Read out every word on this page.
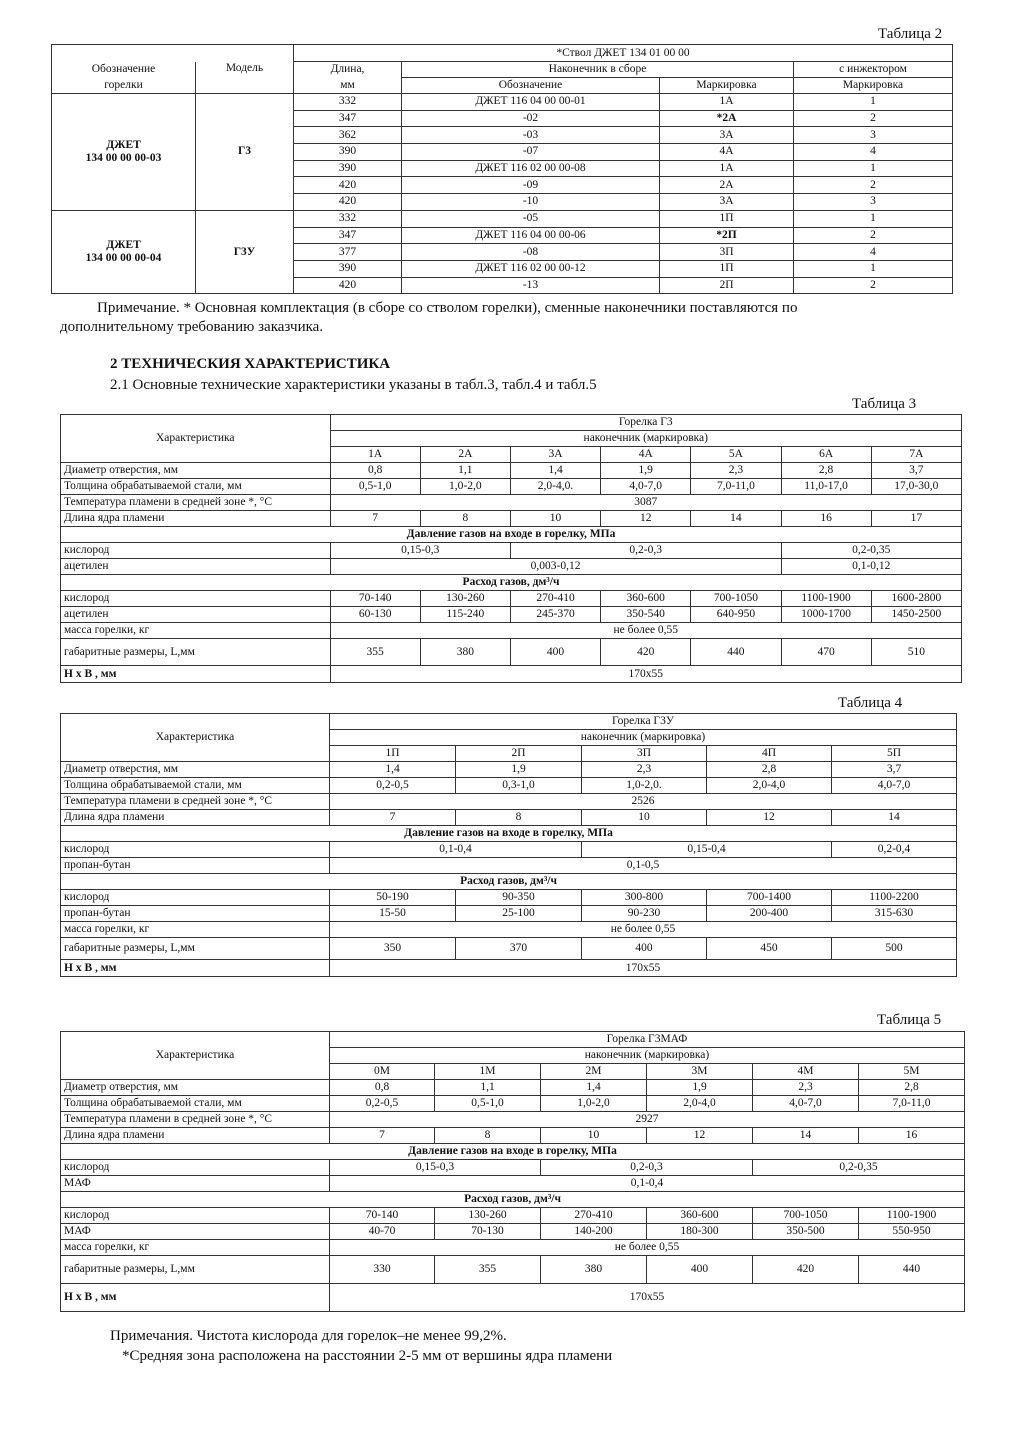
Таблица 2
		*Ствол ДЖЕТ 134 01 00 00			
Обозначение	Модель	Длина,	Наконечник в сборе		с инжектором
горелки		мм	Обозначение	Маркировка	Маркировка

ДЖЕТ
134 00 00 00-03	Г3	332	ДЖЕТ 116 04 00 00-01	1А	1
		347	-02	*2А	2
		362	-03	3А	3
		390	-07	4А	4
		390	ДЖЕТ 116 02 00 00-08	1А	1
		420	-09	2А	2
		420	-10	3А	3

ДЖЕТ
134 00 00 00-04	Г3У	332	-05	1П	1
		347	ДЖЕТ 116 04 00 00-06	*2П	2
		377	-08	3П	4
		390	ДЖЕТ 116 02 00 00-12	1П	1
		420	-13	2П	2
Примечание. * Основная комплектация (в сборе со стволом горелки), сменные наконечники поставляются по
дополнительному требованию заказчика.
2 ТЕХНИЧЕСКИЯ ХАРАКТЕРИСТИКА
2.1 Основные технические характеристики указаны в табл.3, табл.4 и табл.5
Таблица 3
Характеристика	Горелка Г3						
	наконечник (маркировка)						
	1А	2А	3А	4А	5А	6А	7А
Диаметр отверстия, мм	0,8	1,1	1,4	1,9	2,3	2,8	3,7
Толщина обрабатываемой стали, мм	0,5-1,0	1,0-2,0	2,0-4,0.	4,0-7,0	7,0-11,0	11,0-17,0	17,0-30,0
Температура пламени в средней зоне *, °С	3087						
Длина ядра пламени	7	8	10	12	14	16	17
Давление газов на входе в горелку, МПа							
кислород	0,15-0,3		0,2-0,3			0,2-0,35	
ацетилен	0,003-0,12					0,1-0,12	
Расход газов, дм³/ч							
кислород	70-140	130-260	270-410	360-600	700-1050	1100-1900	1600-2800
ацетилен	60-130	115-240	245-370	350-540	640-950	1000-1700	1450-2500
масса горелки, кг	не более 0,55						
габаритные размеры, L,мм	355	380	400	420	440	470	510
Н х В , мм	170х55						
Таблица 4
Характеристика	Горелка Г3У				
	наконечник (маркировка)				
	1П	2П	3П	4П	5П
Диаметр отверстия, мм	1,4	1,9	2,3	2,8	3,7
Толщина обрабатываемой стали, мм	0,2-0,5	0,3-1,0	1,0-2,0.	2,0-4,0	4,0-7,0
Температура пламени в средней зоне *, °С	2526				
Длина ядра пламени	7	8	10	12	14
Давление газов на входе в горелку, МПа					
кислород	0,1-0,4		0,15-0,4		0,2-0,4
пропан-бутан	0,1-0,5				
Расход газов, дм³/ч					
кислород	50-190	90-350	300-800	700-1400	1100-2200
пропан-бутан	15-50	25-100	90-230	200-400	315-630
масса горелки, кг	не более 0,55				
габаритные размеры, L,мм	350	370	400	450	500
Н х В , мм	170х55				
Таблица 5
Характеристика	Горелка Г3МАФ					
	наконечник (маркировка)					
	0М	1М	2М	3М	4М	5М
Диаметр отверстия, мм	0,8	1,1	1,4	1,9	2,3	2,8
Толщина обрабатываемой стали, мм	0,2-0,5	0,5-1,0	1,0-2,0	2,0-4,0	4,0-7,0	7,0-11,0
Температура пламени в средней зоне *, °С	2927					
Длина ядра пламени	7	8	10	12	14	16
Давление газов на входе в горелку, МПа						
кислород	0,15-0,3		0,2-0,3		0,2-0,35	
МАФ	0,1-0,4					
Расход газов, дм³/ч						
кислород	70-140	130-260	270-410	360-600	700-1050	1100-1900
МАФ	40-70	70-130	140-200	180-300	350-500	550-950
масса горелки, кг	не более 0,55					
габаритные размеры, L,мм	330	355	380	400	420	440
Н х В , мм	170х55					
Примечания. Чистота кислорода для горелок–не менее 99,2%.
*Средняя зона расположена на расстоянии 2-5 мм от вершины ядра пламени
